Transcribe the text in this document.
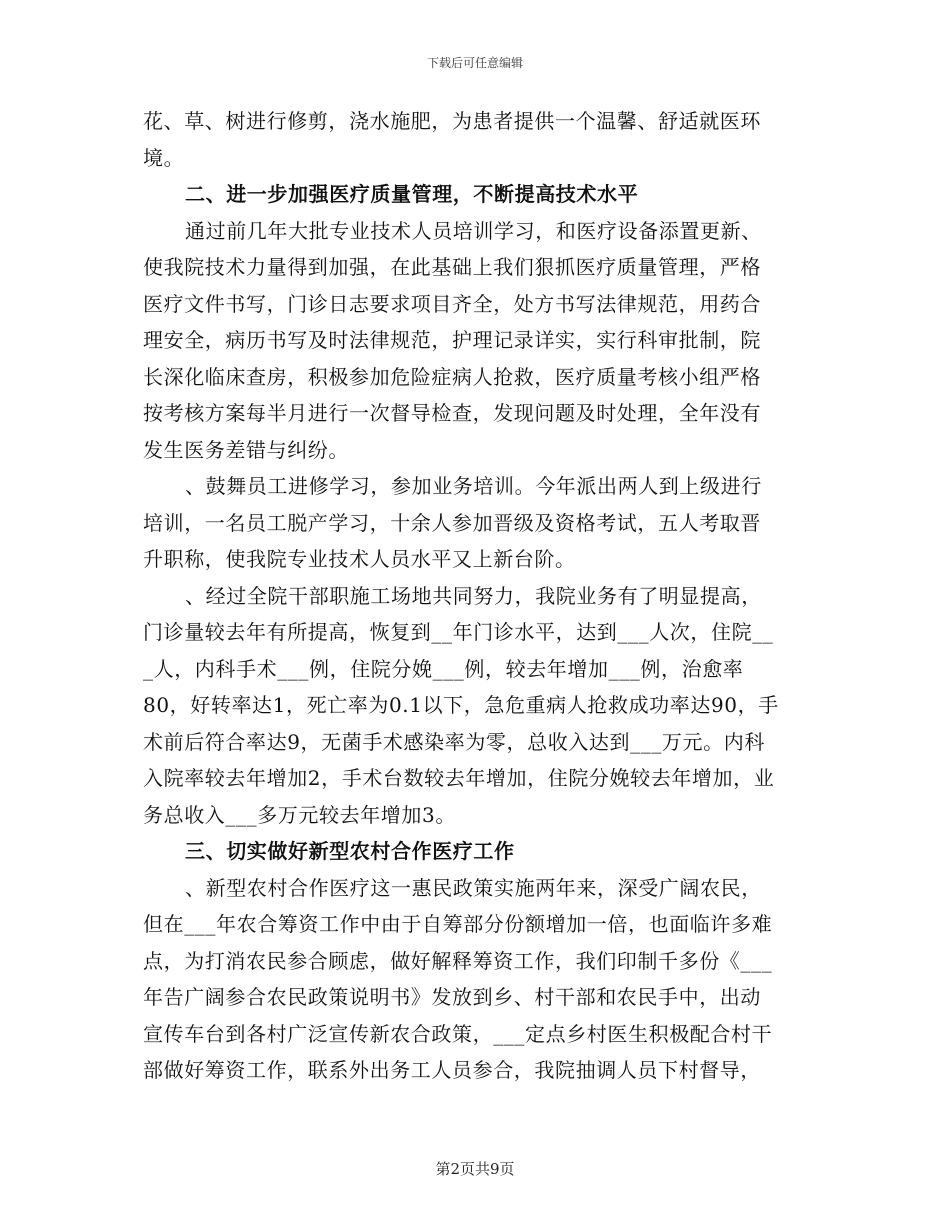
下载后可任意编辑
花、草、树进行修剪，浇水施肥，为患者提供一个温馨、舒适就医环
境。
二、进一步加强医疗质量管理，不断提高技术水平
通过前几年大批专业技术人员培训学习，和医疗设备添置更新、
使我院技术力量得到加强，在此基础上我们狠抓医疗质量管理，严格
医疗文件书写，门诊日志要求项目齐全，处方书写法律规范，用药合
理安全，病历书写及时法律规范，护理记录详实，实行科审批制，院
长深化临床查房，积极参加危险症病人抢救，医疗质量考核小组严格
按考核方案每半月进行一次督导检查，发现问题及时处理，全年没有
发生医务差错与纠纷。
、鼓舞员工进修学习，参加业务培训。今年派出两人到上级进行
培训，一名员工脱产学习，十余人参加晋级及资格考试，五人考取晋
升职称，使我院专业技术人员水平又上新台阶。
、经过全院干部职施工场地共同努力，我院业务有了明显提高，
门诊量较去年有所提高，恢复到__年门诊水平，达到___人次，住院__
_人，内科手术___例，住院分娩___例，较去年增加___例，治愈率
80，好转率达1，死亡率为0.1以下，急危重病人抢救成功率达90，手
术前后符合率达9，无菌手术感染率为零，总收入达到___万元。内科
入院率较去年增加2，手术台数较去年增加，住院分娩较去年增加，业
务总收入___多万元较去年增加3。
三、切实做好新型农村合作医疗工作
、新型农村合作医疗这一惠民政策实施两年来，深受广阔农民，
但在___年农合筹资工作中由于自筹部分份额增加一倍，也面临许多难
点，为打消农民参合顾虑，做好解释筹资工作，我们印制千多份《___
年告广阔参合农民政策说明书》发放到乡、村干部和农民手中，出动
宣传车台到各村广泛宣传新农合政策，___定点乡村医生积极配合村干
部做好筹资工作，联系外出务工人员参合，我院抽调人员下村督导，
第2页共9页
